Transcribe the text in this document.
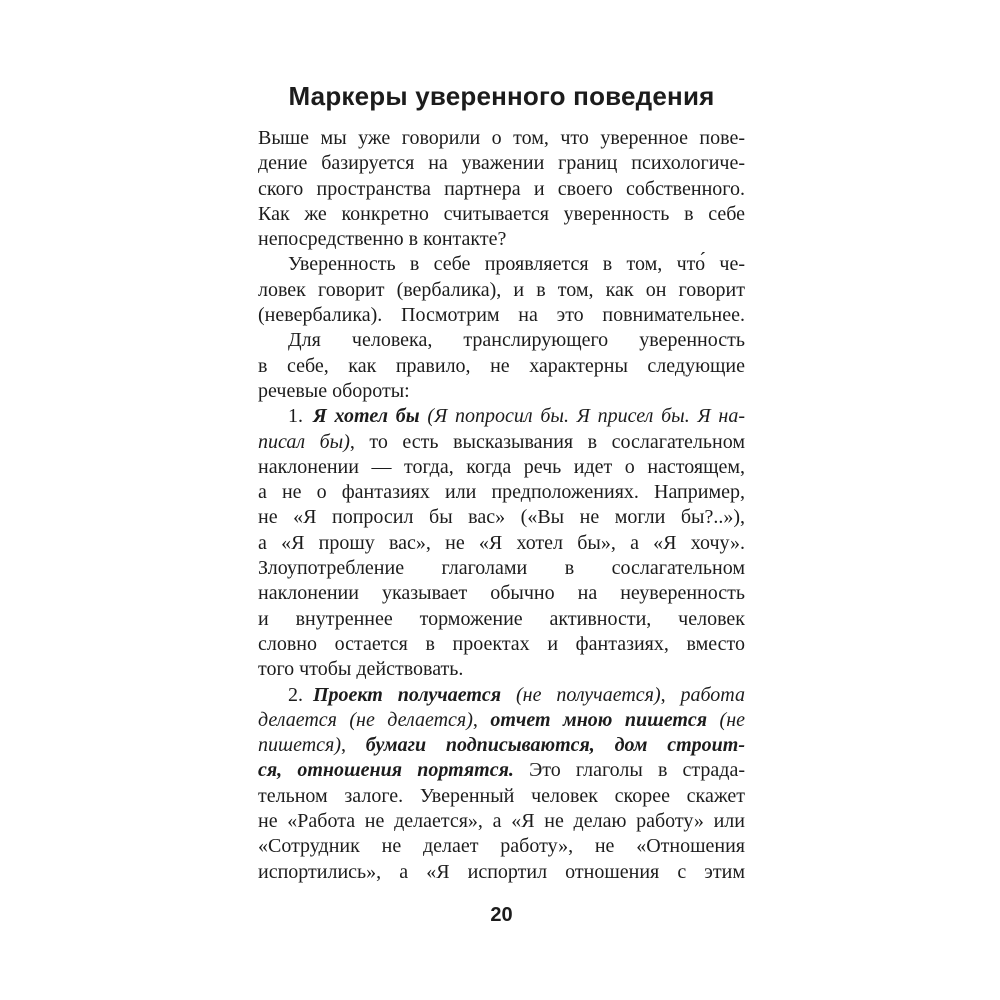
Маркеры уверенного поведения
Выше мы уже говорили о том, что уверенное пове-
дение базируется на уважении границ психологиче-
ского пространства партнера и своего собственного.
Как же конкретно считывается уверенность в себе
непосредственно в контакте?
Уверенность в себе проявляется в том, что́ че-
ловек говорит (вербалика), и в том, как он говорит
(невербалика). Посмотрим на это повнимательнее.
Для человека, транслирующего уверенность
в себе, как правило, не характерны следующие
речевые обороты:
1. Я хотел бы (Я попросил бы. Я присел бы. Я на-
писал бы), то есть высказывания в сослагательном
наклонении — тогда, когда речь идет о настоящем,
а не о фантазиях или предположениях. Например,
не «Я попросил бы вас» («Вы не могли бы?..»),
а «Я прошу вас», не «Я хотел бы», а «Я хочу».
Злоупотребление глаголами в сослагательном
наклонении указывает обычно на неуверенность
и внутреннее торможение активности, человек
словно остается в проектах и фантазиях, вместо
того чтобы действовать.
2. Проект получается (не получается), работа
делается (не делается), отчет мною пишется (не
пишется), бумаги подписываются, дом строит-
ся, отношения портятся. Это глаголы в страда-
тельном залоге. Уверенный человек скорее скажет
не «Работа не делается», а «Я не делаю работу» или
«Сотрудник не делает работу», не «Отношения
испортились», а «Я испортил отношения с этим
20
